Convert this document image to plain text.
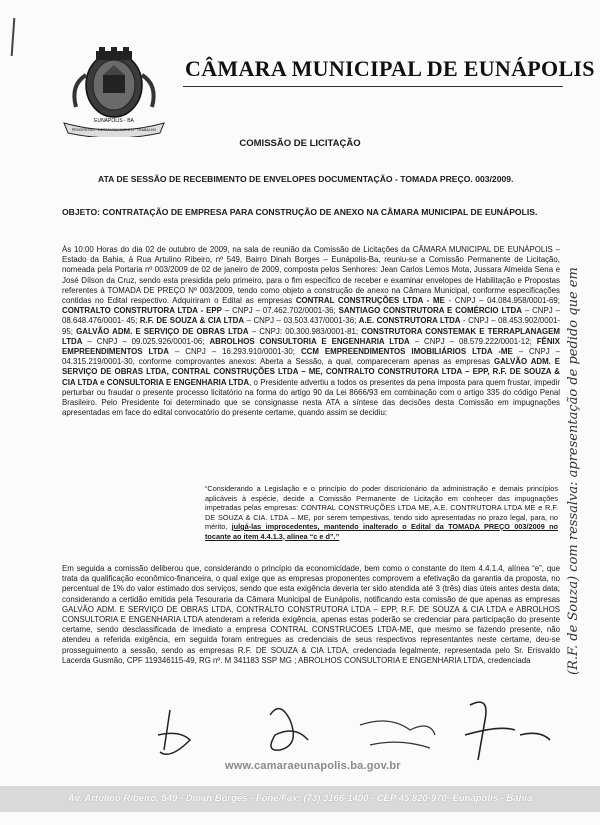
EUNÁPOLIS - BA
PROGRESSO · DESENVOLVIMENTO · TRABALHO
CÂMARA MUNICIPAL DE EUNÁPOLIS
COMISSÃO DE LICITAÇÃO
ATA DE SESSÃO DE RECEBIMENTO DE ENVELOPES DOCUMENTAÇÃO - TOMADA PREÇO. 003/2009.
OBJETO: CONTRATAÇÃO DE EMPRESA PARA CONSTRUÇÃO DE ANEXO NA CÂMARA MUNICIPAL DE EUNÁPOLIS.
Às 10:00 Horas do dia 02 de outubro de 2009, na sala de reunião da Comissão de Licitações da CÂMARA MUNICIPAL DE EUNÁPOLIS – Estado da Bahia, à Rua Artulino Ribeiro, nº 549, Bairro Dinah Borges – Eunápolis-Ba, reuniu-se a Comissão Permanente de Licitação, nomeada pela Portaria nº 003/2009 de 02 de janeiro de 2009, composta pelos Senhores: Jean Carlos Lemos Mota, Jussara Almeida Sena e José Dílson da Cruz, sendo esta presidida pelo primeiro, para o fim específico de receber e examinar envelopes de Habilitação e Propostas referentes à TOMADA DE PREÇO Nº 003/2009, tendo como objeto a construção de anexo na Câmara Municipal, conforme especificações contidas no Edital respectivo. Adquiriram o Edital as empresas CONTRAL CONSTRUÇÕES LTDA - ME - CNPJ – 04.084.958/0001-69; CONTRALTO CONSTRUTORA LTDA - EPP – CNPJ – 07.462.702/0001-36; SANTIAGO CONSTRUTORA E COMÉRCIO LTDA – CNPJ – 08.648.476/0001- 45; R.F. DE SOUZA & CIA LTDA – CNPJ – 03.503.437/0001-36; A.E. CONSTRUTORA LTDA - CNPJ – 08.453.902/0001-95; GALVÃO ADM. E SERVIÇO DE OBRAS LTDA – CNPJ: 00.300.983/0001-81; CONSTRUTORA CONSTEMAK E TERRAPLANAGEM LTDA – CNPJ – 09.025.926/0001-06; ABROLHOS CONSULTORIA E ENGENHARIA LTDA – CNPJ – 08.579.222/0001-12; FÊNIX EMPREENDIMENTOS LTDA – CNPJ – 16.293.910/0001-30; CCM EMPREENDIMENTOS IMOBILIÁRIOS LTDA -ME – CNPJ – 04.315.219/0001-30, conforme comprovantes anexos: Aberta a Sessão, a qual, compareceram apenas as empresas GALVÃO ADM. E SERVIÇO DE OBRAS LTDA, CONTRAL CONSTRUÇÕES LTDA – ME, CONTRALTO CONSTRUTORA LTDA – EPP, R.F. DE SOUZA & CIA LTDA e CONSULTORIA E ENGENHARIA LTDA, o Presidente advertiu a todos os presentes da pena imposta para quem frustar, impedir perturbar ou fraudar o presente processo licitatório na forma do artigo 90 da Lei 8666/93 em combinação com o artigo 335 do código Penal Brasileiro. Pelo Presidente foi determinado que se consignasse nesta ATA a síntese das decisões desta Comissão em impugnações apresentadas em face do edital convocatório do presente certame, quando assim se decidiu:
“Considerando a Legislação e o princípio do poder discricionário da administração e demais princípios aplicáveis à espécie, decide a Comissão Permanente de Licitação em conhecer das impugnações impetradas pelas empresas: CONTRAL CONSTRUÇÕES LTDA ME, A.E. CONTRUTORA LTDA ME e R.F. DE SOUZA & CIA. LTDA – ME, por serem tempestivas, tendo sido apresentadas no prazo legal, para, no mérito, julgá-las improcedentes, mantendo inalterado o Edital da TOMADA PREÇO 003/2009 no tocante ao item 4.4.1.3, alínea “c e d”.”
Em seguida a comissão deliberou que, considerando o princípio da economicidade, bem como o constante do item 4.4.1.4, alínea “e”, que trata da qualificação econômico-financeira, o qual exige que as empresas proponentes comprovem a efetivação da garantia da proposta, no percentual de 1% do valor estimado dos serviços, sendo que esta exigência deveria ter sido atendida até 3 (três) dias úteis antes desta data; considerando a certidão emitida pela Tesouraria da Câmara Municipal de Eunápolis, notificando esta comissão de que apenas as empresas GALVÃO ADM. E SERVIÇO DE OBRAS LTDA, CONTRALTO CONSTRUTORA LTDA – EPP, R.F. DE SOUZA & CIA LTDA e ABROLHOS CONSULTORIA E ENGENHARIA LTDA atenderam a referida exigência, apenas estas poderão se credenciar para participação do presente certame, sendo desclassificada de imediato a empresa CONTRAL CONSTRUCOES LTDA-ME, que mesmo se fazendo presente, não atendeu a referida exigência, em seguida foram entregues as credenciais de seus respectivos representantes neste certame, deu-se prosseguimento a sessão, sendo as empresas R.F. DE SOUZA & CIA LTDA, credenciada legalmente, representada pelo Sr. Erisvaldo Lacerda Gusmão, CPF 119346115-49, RG nº. M 341183 SSP MG ; ABROLHOS CONSULTORIA E ENGENHARIA LTDA, credenciada	(R.F. de Souza) com ressalva: apresentação de pedido que em
www.camaraeunapolis.ba.gov.br
Av. Artulino Ribeiro, 549 - Dinah Borges - Fone/Fax: (73) 3166-1400 - CEP 45.820-970- Eunápolis - Bahia
